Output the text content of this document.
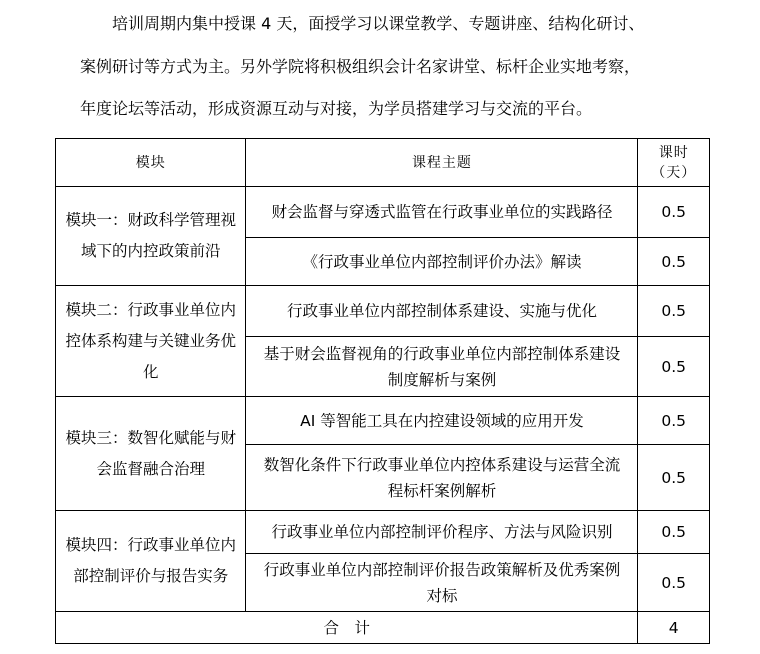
培训周期内集中授课 4 天，面授学习以课堂教学、专题讲座、结构化研讨、

案例研讨等方式为主。另外学院将积极组织会计名家讲堂、标杆企业实地考察，

年度论坛等活动，形成资源互动与对接，为学员搭建学习与交流的平台。

模块	课程主题	课时
（天）

模块一：财政科学管理视域下的内控政策前沿	财会监督与穿透式监管在行政事业单位的实践路径	0.5
	《行政事业单位内部控制评价办法》解读	0.5
模块二：行政事业单位内控体系构建与关键业务优化	行政事业单位内部控制体系建设、实施与优化	0.5
	基于财会监督视角的行政事业单位内部控制体系建设制度解析与案例	0.5
模块三：数智化赋能与财会监督融合治理	AI 等智能工具在内控建设领域的应用开发	0.5
	数智化条件下行政事业单位内控体系建设与运营全流程标杆案例解析	0.5
模块四：行政事业单位内部控制评价与报告实务	行政事业单位内部控制评价程序、方法与风险识别	0.5
	行政事业单位内部控制评价报告政策解析及优秀案例对标	0.5
合　计		4
